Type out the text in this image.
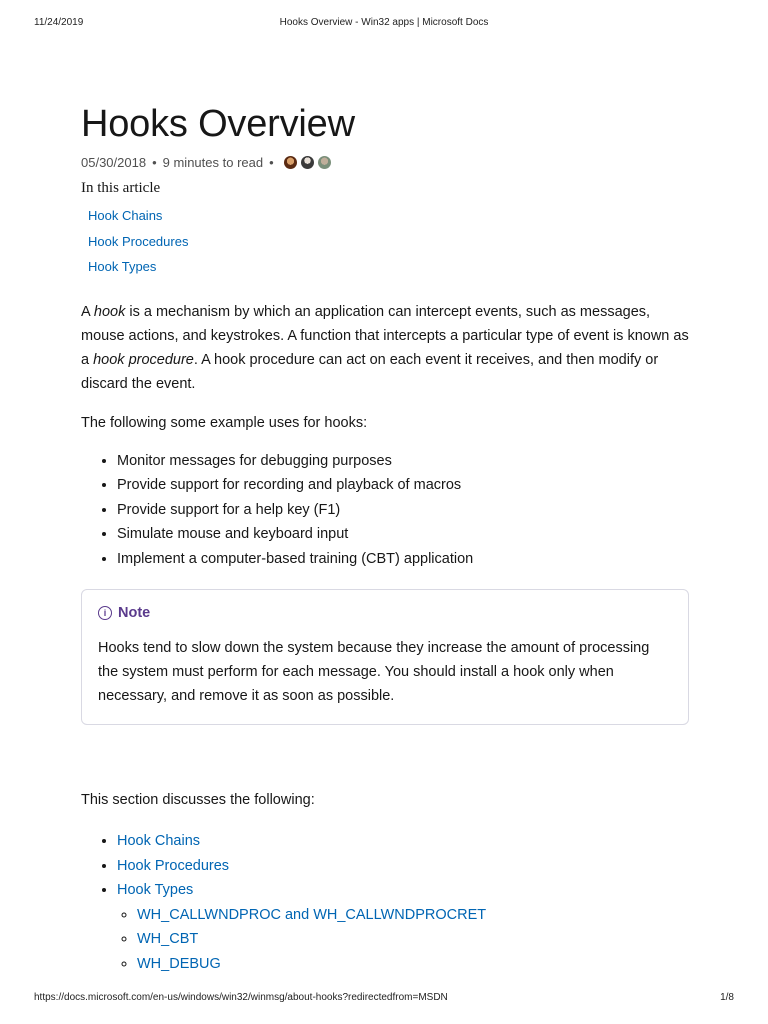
11/24/2019	Hooks Overview - Win32 apps | Microsoft Docs
Hooks Overview
05/30/2018 • 9 minutes to read •
In this article
Hook Chains
Hook Procedures
Hook Types

A hook is a mechanism by which an application can intercept events, such as messages, mouse actions, and keystrokes. A function that intercepts a particular type of event is known as a hook procedure. A hook procedure can act on each event it receives, and then modify or discard the event.

The following some example uses for hooks:

• Monitor messages for debugging purposes
• Provide support for recording and playback of macros
• Provide support for a help key (F1)
• Simulate mouse and keyboard input
• Implement a computer-based training (CBT) application
i Note

Hooks tend to slow down the system because they increase the amount of processing the system must perform for each message. You should install a hook only when necessary, and remove it as soon as possible.

This section discusses the following:

• Hook Chains
• Hook Procedures
• Hook Types
◦ WH_CALLWNDPROC and WH_CALLWNDPROCRET
◦ WH_CBT
◦ WH_DEBUG
https://docs.microsoft.com/en-us/windows/win32/winmsg/about-hooks?redirectedfrom=MSDN	1/8
